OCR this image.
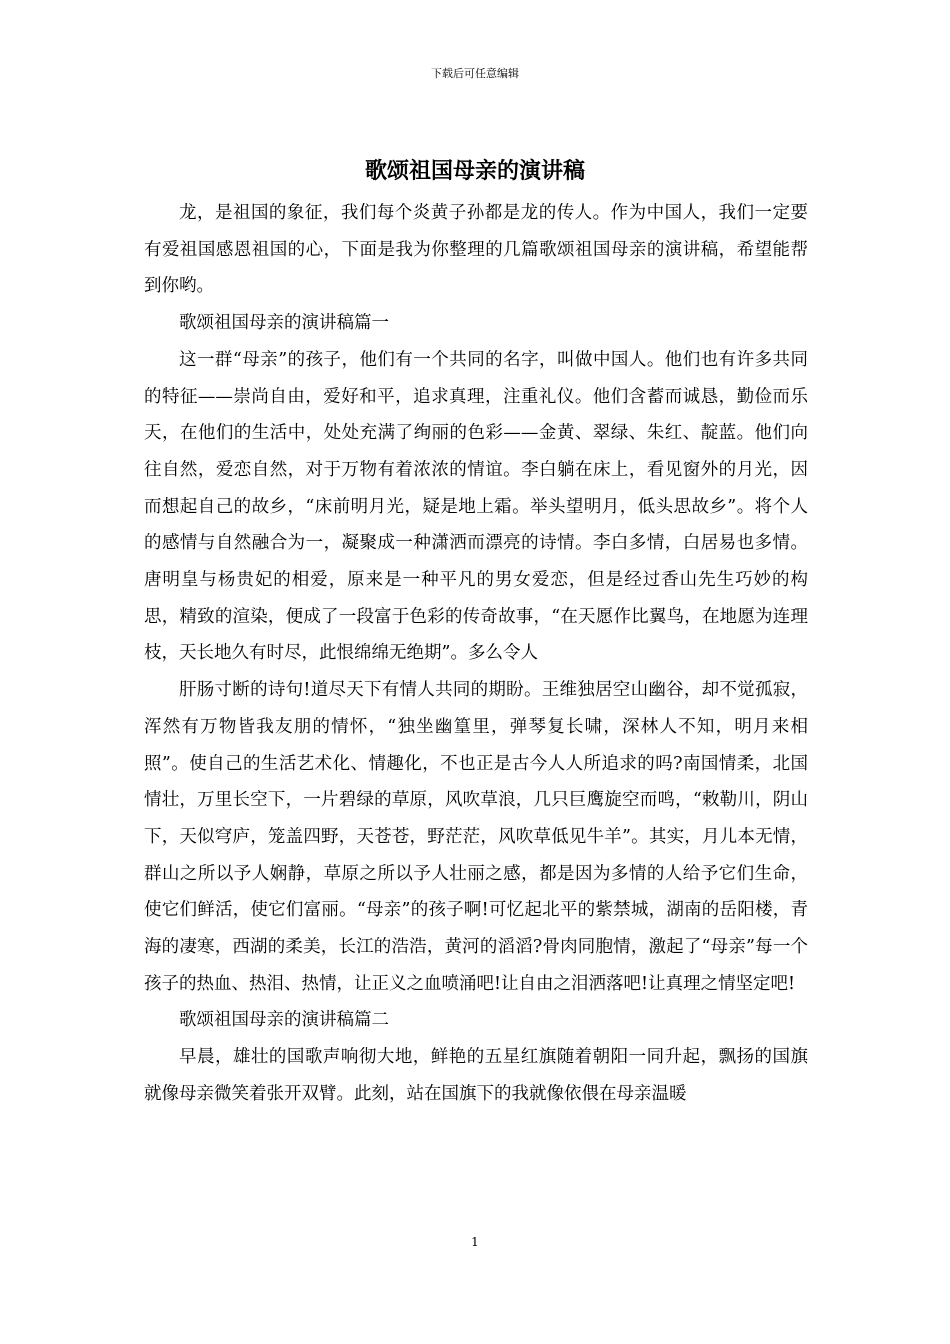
下载后可任意编辑
歌颂祖国母亲的演讲稿

龙，是祖国的象征，我们每个炎黄子孙都是龙的传人。作为中国人，我们一定要有爱祖国感恩祖国的心，下面是我为你整理的几篇歌颂祖国母亲的演讲稿，希望能帮到你哟。

歌颂祖国母亲的演讲稿篇一

这一群“母亲”的孩子，他们有一个共同的名字，叫做中国人。他们也有许多共同的特征——崇尚自由，爱好和平，追求真理，注重礼仪。他们含蓄而诚恳，勤俭而乐天，在他们的生活中，处处充满了绚丽的色彩——金黄、翠绿、朱红、靛蓝。他们向往自然，爱恋自然，对于万物有着浓浓的情谊。李白躺在床上，看见窗外的月光，因而想起自己的故乡，“床前明月光，疑是地上霜。举头望明月，低头思故乡”。将个人的感情与自然融合为一，凝聚成一种潇洒而漂亮的诗情。李白多情，白居易也多情。唐明皇与杨贵妃的相爱，原来是一种平凡的男女爱恋，但是经过香山先生巧妙的构思，精致的渲染，便成了一段富于色彩的传奇故事，“在天愿作比翼鸟，在地愿为连理枝，天长地久有时尽，此恨绵绵无绝期”。多么令人

肝肠寸断的诗句!道尽天下有情人共同的期盼。王维独居空山幽谷，却不觉孤寂，浑然有万物皆我友朋的情怀，“独坐幽篁里，弹琴复长啸，深林人不知，明月来相照”。使自己的生活艺术化、情趣化，不也正是古今人人所追求的吗?南国情柔，北国情壮，万里长空下，一片碧绿的草原，风吹草浪，几只巨鹰旋空而鸣，“敕勒川，阴山下，天似穹庐，笼盖四野，天苍苍，野茫茫，风吹草低见牛羊”。其实，月儿本无情，群山之所以予人娴静，草原之所以予人壮丽之感，都是因为多情的人给予它们生命，使它们鲜活，使它们富丽。“母亲”的孩子啊!可忆起北平的紫禁城，湖南的岳阳楼，青海的凄寒，西湖的柔美，长江的浩浩，黄河的滔滔?骨肉同胞情，激起了“母亲”每一个孩子的热血、热泪、热情，让正义之血喷涌吧!让自由之泪洒落吧!让真理之情坚定吧!

歌颂祖国母亲的演讲稿篇二

早晨，雄壮的国歌声响彻大地，鲜艳的五星红旗随着朝阳一同升起，飘扬的国旗就像母亲微笑着张开双臂。此刻，站在国旗下的我就像依偎在母亲温暖

1
